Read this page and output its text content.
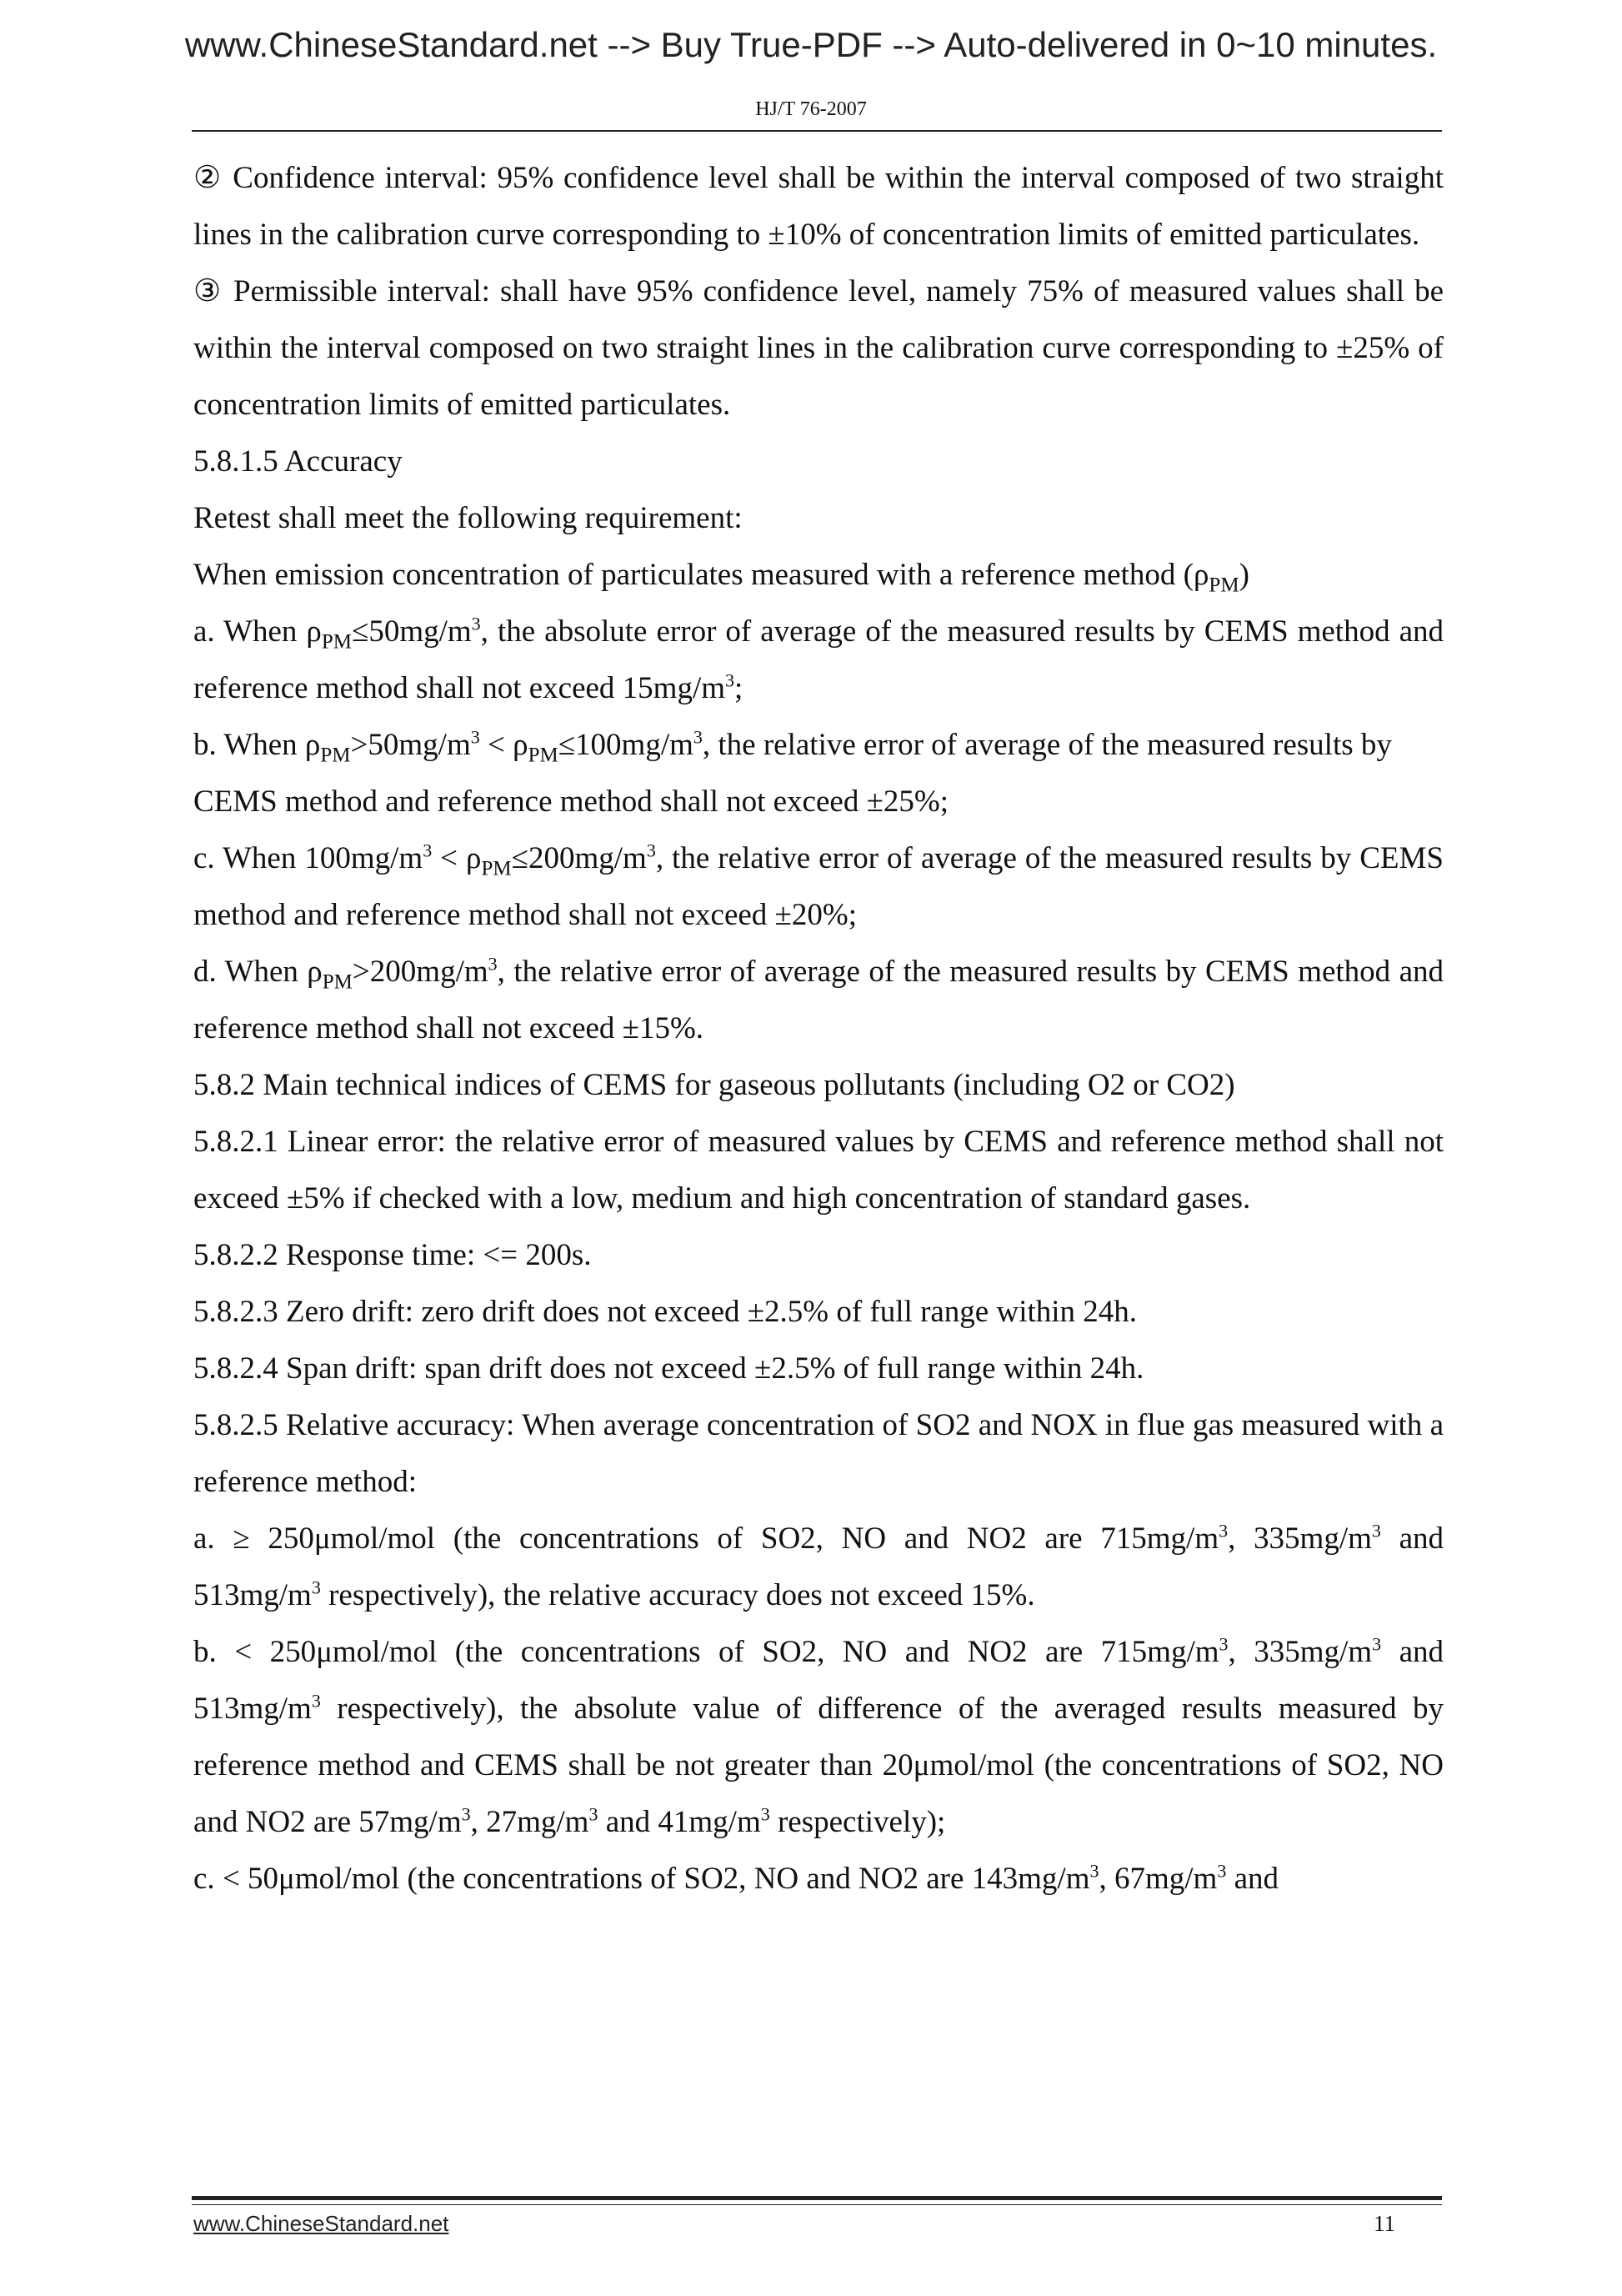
www.ChineseStandard.net --> Buy True-PDF --> Auto-delivered in 0~10 minutes.
HJ/T 76-2007

② Confidence interval: 95% confidence level shall be within the interval composed of two straight lines in the calibration curve corresponding to ±10% of concentration limits of emitted particulates.

③ Permissible interval: shall have 95% confidence level, namely 75% of measured values shall be within the interval composed on two straight lines in the calibration curve corresponding to ±25% of concentration limits of emitted particulates.

5.8.1.5 Accuracy

Retest shall meet the following requirement:

When emission concentration of particulates measured with a reference method $(\rho_{PM})$

a. When $\rho_{PM}\le 50mg/m^3$, the absolute error of average of the measured results by CEMS method and reference method shall not exceed $15mg/m^3$;

b. When $\rho_{PM}>50mg/m^3 < \rho_{PM}\le 100mg/m^3$, the relative error of average of the measured results by

CEMS method and reference method shall not exceed ±25%;

c. When $100mg/m^3 < \rho_{PM}\le 200mg/m^3$, the relative error of average of the measured results by CEMS method and reference method shall not exceed ±20%;

d. When $\rho_{PM}>200mg/m^3$, the relative error of average of the measured results by CEMS method and reference method shall not exceed ±15%.

5.8.2 Main technical indices of CEMS for gaseous pollutants (including O2 or CO2)

5.8.2.1 Linear error: the relative error of measured values by CEMS and reference method shall not exceed ±5% if checked with a low, medium and high concentration of standard gases.

5.8.2.2 Response time: <= 200s.

5.8.2.3 Zero drift: zero drift does not exceed ±2.5% of full range within 24h.

5.8.2.4 Span drift: span drift does not exceed ±2.5% of full range within 24h.

5.8.2.5 Relative accuracy: When average concentration of SO2 and NOX in flue gas measured with a reference method:

a. ≥ 250μmol/mol (the concentrations of SO2, NO and NO2 are $715mg/m^3$, $335mg/m^3$ and $513mg/m^3$ respectively), the relative accuracy does not exceed 15%.

b. < 250μmol/mol (the concentrations of SO2, NO and NO2 are $715mg/m^3$, $335mg/m^3$ and $513mg/m^3$ respectively), the absolute value of difference of the averaged results measured by reference method and CEMS shall be not greater than 20μmol/mol (the concentrations of SO2, NO and NO2 are $57mg/m^3$, $27mg/m^3$ and $41mg/m^3$ respectively);

c. < 50μmol/mol (the concentrations of SO2, NO and NO2 are $143mg/m^3$, $67mg/m^3$ and

www.ChineseStandard.net	11
